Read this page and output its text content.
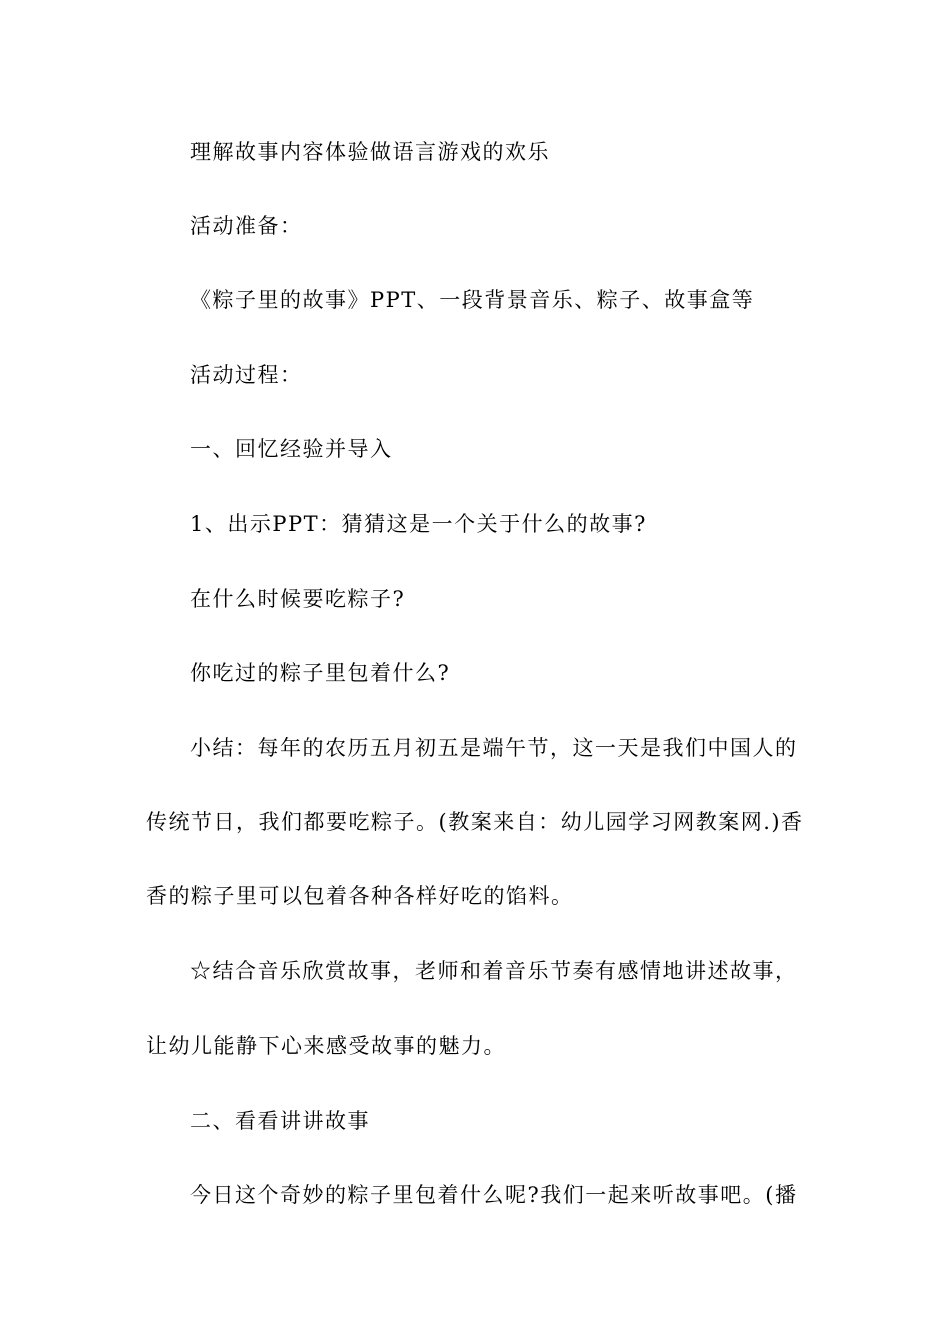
理解故事内容体验做语言游戏的欢乐
活动准备：
《粽子里的故事》PPT、一段背景音乐、粽子、故事盒等
活动过程：
一、回忆经验并导入
1、出示PPT：猜猜这是一个关于什么的故事?
在什么时候要吃粽子?
你吃过的粽子里包着什么?
小结：每年的农历五月初五是端午节，这一天是我们中国人的
传统节日，我们都要吃粽子。(教案来自：幼儿园学习网教案网.)香
香的粽子里可以包着各种各样好吃的馅料。
☆结合音乐欣赏故事，老师和着音乐节奏有感情地讲述故事，
让幼儿能静下心来感受故事的魅力。
二、看看讲讲故事
今日这个奇妙的粽子里包着什么呢?我们一起来听故事吧。(播
